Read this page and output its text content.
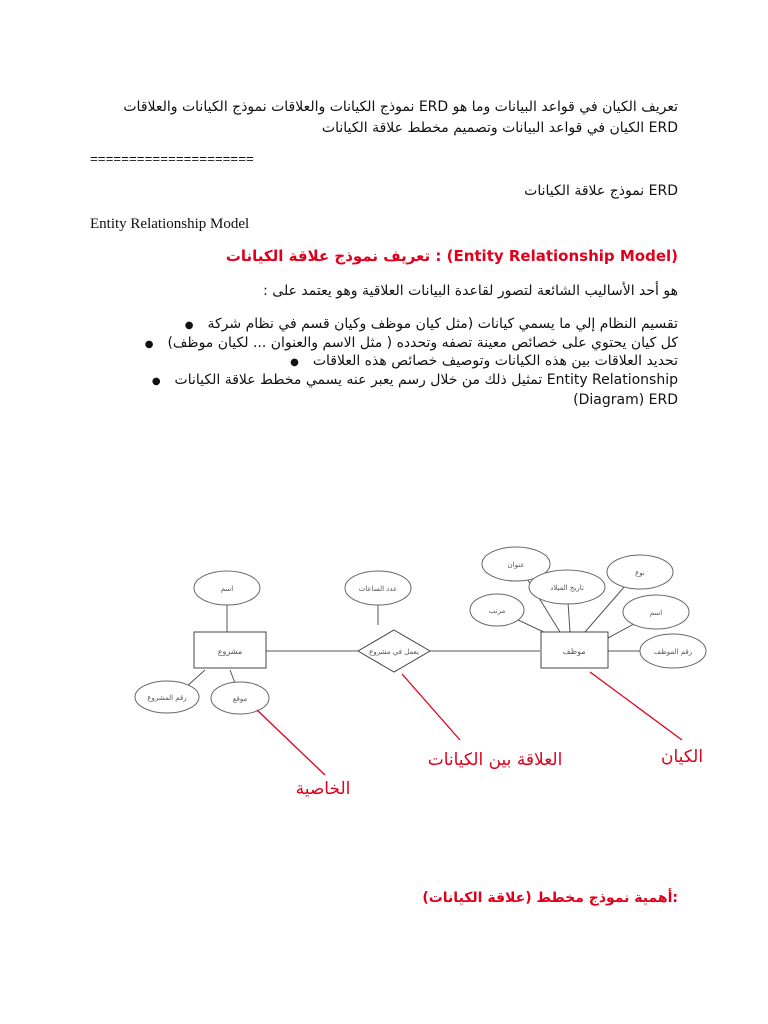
تعريف الكيان في قواعد البيانات وما هو ERD نموذج الكيانات والعلاقات نموذج الكيانات والعلاقات
ERD الكيان في قواعد البيانات وتصميم مخطط علاقة الكيانات
=====================
ERD نموذج علاقة الكيانات
Entity Relationship Model
(Entity Relationship Model) : تعريف نموذج علاقة الكيانات
هو أحد الأساليب الشائعة لتصور لقاعدة البيانات العلاقية وهو يعتمد على :
تقسيم النظام إلي ما يسمي كيانات (مثل كيان موظف وكيان قسم في نظام شركة    ●
كل كيان يحتوي على خصائص معينة تصفه وتحدده ( مثل الاسم والعنوان ... لكيان موظف)    ●
تحديد العلاقات بين هذه الكيانات وتوصيف خصائص هذه العلاقات    ●
Entity Relationship تمثيل ذلك من خلال رسم يعبر عنه يسمي مخطط علاقة الكيانات    ●
Diagram) ERD)
مشروع	موظف
يعمل في مشروع
اسم	عدد الساعات
رقم المشروع	موقع
عنوان
تاريخ الميلاد
نوع
مرتب	اسم
رقم الموظف
الكيان
العلاقة بين الكيانات
الخاصية
:أهمية نموذج مخطط (علاقة الكيانات)
